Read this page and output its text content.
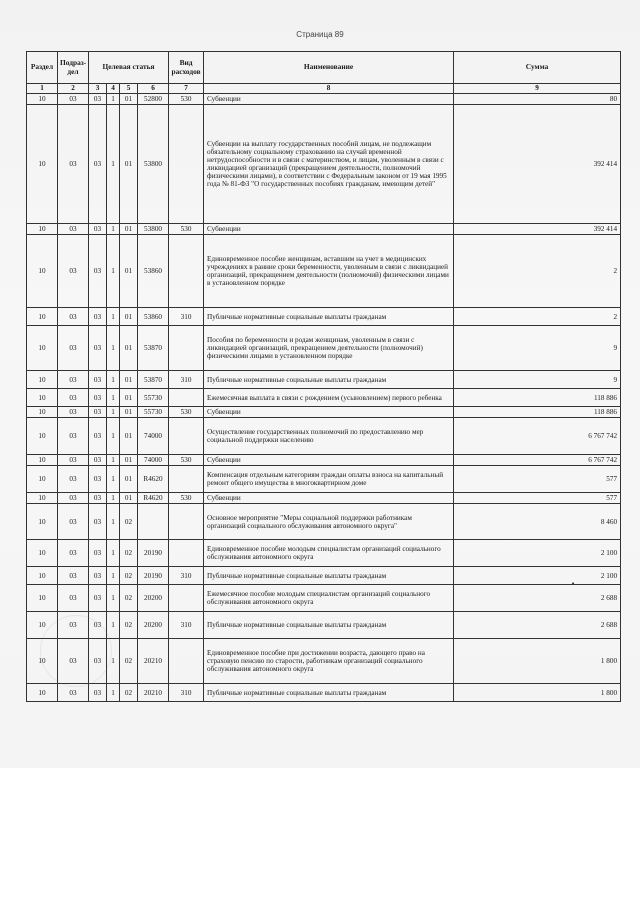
Страница 89
Раздел	Подраз-дел	Целевая статья				Вид расходов	Наименование	Сумма
1	2	3	4	5	6	7	8	9
10	03	03	1	01	52800	530	Субвенции	80
10	03	03	1	01	53800		Субвенции на выплату государственных пособий лицам, не подлежащим обязательному социальному страхованию на случай временной нетрудоспособности и в связи с материнством, и лицам, уволенным в связи с ликвидацией организаций (прекращением деятельности, полномочий физическими лицами), в соответствии с Федеральным законом от 19 мая 1995 года № 81-ФЗ "О государственных пособиях гражданам, имеющим детей"	392 414
10	03	03	1	01	53800	530	Субвенции	392 414
10	03	03	1	01	53860		Единовременное пособие женщинам, вставшим на учет в медицинских учреждениях в ранние сроки беременности, уволенным в связи с ликвидацией организаций, прекращением деятельности (полномочий) физическими лицами в установленном порядке	2
10	03	03	1	01	53860	310	Публичные нормативные социальные выплаты гражданам	2
10	03	03	1	01	53870		Пособия по беременности и родам женщинам, уволенным в связи с ликвидацией организаций, прекращением деятельности (полномочий) физическими лицами в установленном порядке	9
10	03	03	1	01	53870	310	Публичные нормативные социальные выплаты гражданам	9
10	03	03	1	01	55730		Ежемесячная выплата в связи с рождением (усыновлением) первого ребенка	118 886
10	03	03	1	01	55730	530	Субвенции	118 886
10	03	03	1	01	74000		Осуществление государственных полномочий по предоставлению мер социальной поддержки населению	6 767 742
10	03	03	1	01	74000	530	Субвенции	6 767 742
10	03	03	1	01	R4620		Компенсация отдельным категориям граждан оплаты взноса на капитальный ремонт общего имущества в многоквартирном доме	577
10	03	03	1	01	R4620	530	Субвенции	577
10	03	03	1	02			Основное мероприятие "Меры социальной поддержки работникам организаций социального обслуживания автономного округа"	8 460
10	03	03	1	02	20190		Единовременное пособие молодым специалистам организаций социального обслуживания автономного округа	2 100
10	03	03	1	02	20190	310	Публичные нормативные социальные выплаты гражданам	2 100
10	03	03	1	02	20200		Ежемесячное пособие молодым специалистам организаций социального обслуживания автономного округа	2 688
10	03	03	1	02	20200	310	Публичные нормативные социальные выплаты гражданам	2 688
10	03	03	1	02	20210		Единовременное пособие при достижении возраста, дающего право на страховую пенсию по старости, работникам организаций социального обслуживания автономного округа	1 800
10	03	03	1	02	20210	310	Публичные нормативные социальные выплаты гражданам	1 800
•
